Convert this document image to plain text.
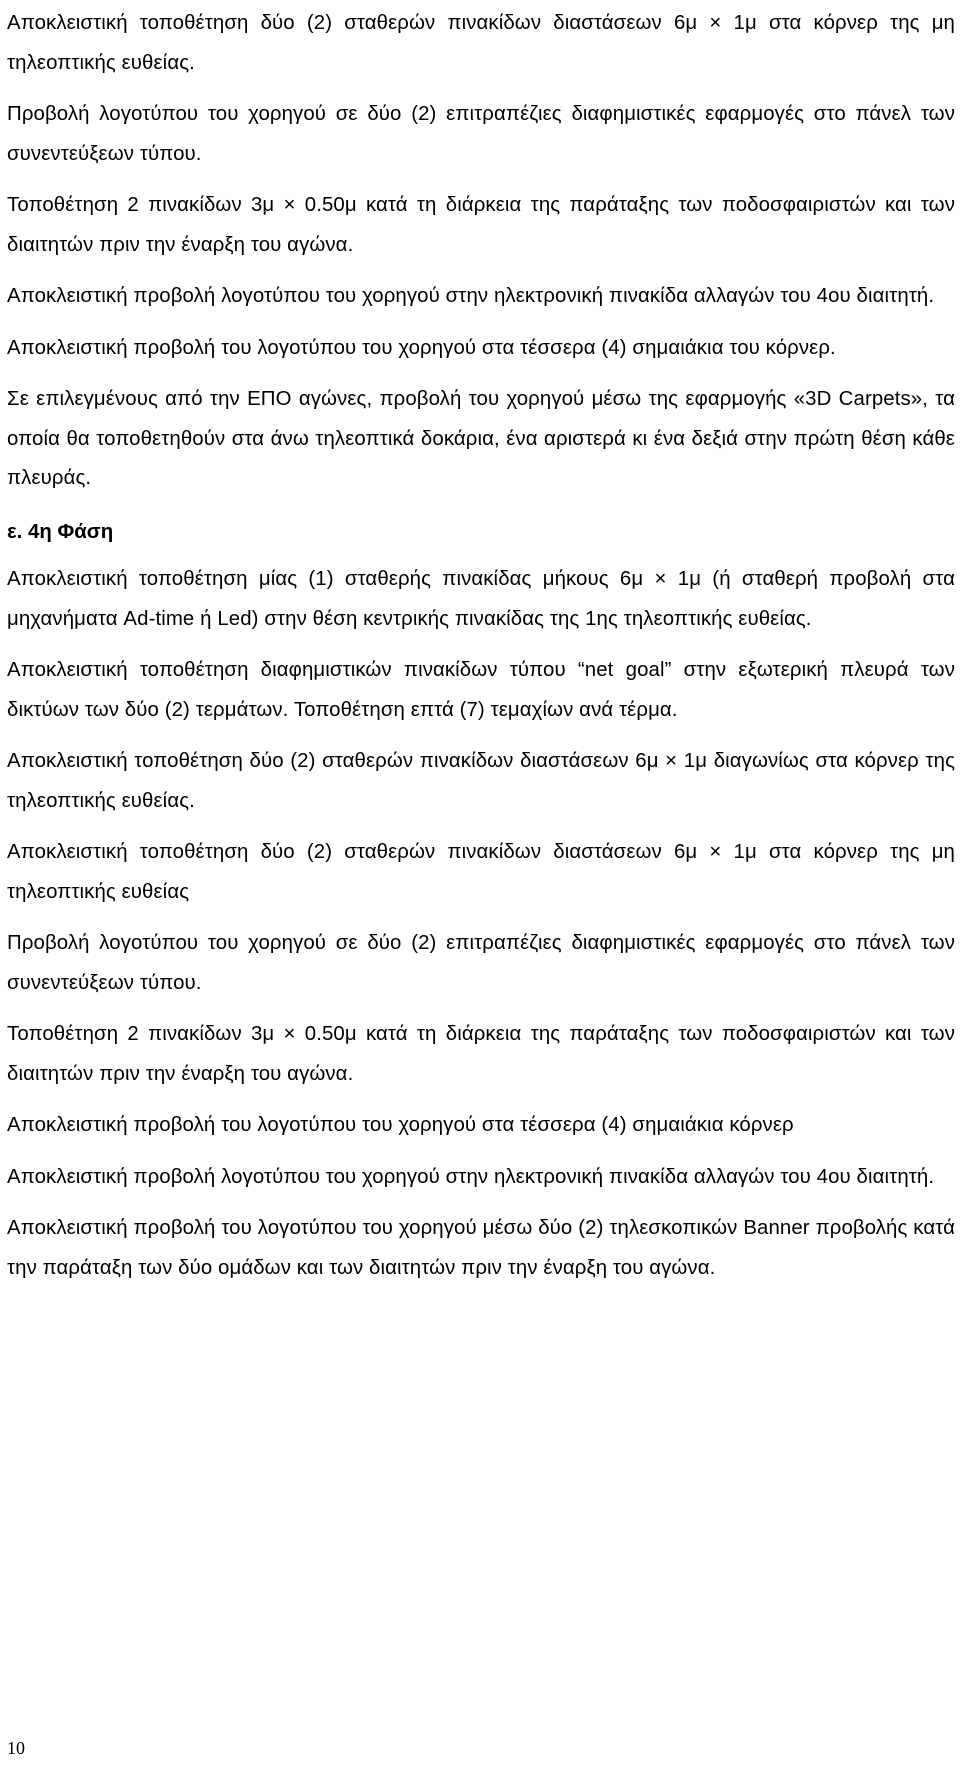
Αποκλειστική τοποθέτηση δύο (2) σταθερών πινακίδων διαστάσεων 6μ × 1μ στα κόρνερ της μη τηλεοπτικής ευθείας.

Προβολή λογοτύπου του χορηγού σε δύο (2) επιτραπέζιες διαφημιστικές εφαρμογές στο πάνελ των συνεντεύξεων τύπου.

Τοποθέτηση 2 πινακίδων 3μ × 0.50μ κατά τη διάρκεια της παράταξης των ποδοσφαιριστών και των διαιτητών πριν την έναρξη του αγώνα.

Αποκλειστική προβολή λογοτύπου του χορηγού στην ηλεκτρονική πινακίδα αλλαγών του 4ου διαιτητή.

Αποκλειστική προβολή του λογοτύπου του χορηγού στα τέσσερα (4) σημαιάκια του κόρνερ.

Σε επιλεγμένους από την ΕΠΟ αγώνες, προβολή του χορηγού μέσω της εφαρμογής «3D Carpets», τα οποία θα τοποθετηθούν στα άνω τηλεοπτικά δοκάρια, ένα αριστερά κι ένα δεξιά στην πρώτη θέση κάθε πλευράς.

ε. 4η Φάση

Αποκλειστική τοποθέτηση μίας (1) σταθερής πινακίδας μήκους 6μ × 1μ (ή σταθερή προβολή στα μηχανήματα Ad-time ή Led) στην θέση κεντρικής πινακίδας της 1ης τηλεοπτικής ευθείας.

Αποκλειστική τοποθέτηση διαφημιστικών πινακίδων τύπου “net goal” στην εξωτερική πλευρά των δικτύων των δύο (2) τερμάτων. Τοποθέτηση επτά (7) τεμαχίων ανά τέρμα.

Αποκλειστική τοποθέτηση δύο (2) σταθερών πινακίδων διαστάσεων 6μ × 1μ διαγωνίως στα κόρνερ της τηλεοπτικής ευθείας.

Αποκλειστική τοποθέτηση δύο (2) σταθερών πινακίδων διαστάσεων 6μ × 1μ στα κόρνερ της μη τηλεοπτικής ευθείας

Προβολή λογοτύπου του χορηγού σε δύο (2) επιτραπέζιες διαφημιστικές εφαρμογές στο πάνελ των συνεντεύξεων τύπου.

Τοποθέτηση 2 πινακίδων 3μ × 0.50μ κατά τη διάρκεια της παράταξης των ποδοσφαιριστών και των διαιτητών πριν την έναρξη του αγώνα.

Αποκλειστική προβολή του λογοτύπου του χορηγού στα τέσσερα (4) σημαιάκια κόρνερ

Αποκλειστική προβολή λογοτύπου του χορηγού στην ηλεκτρονική πινακίδα αλλαγών του 4ου διαιτητή.

Αποκλειστική προβολή του λογοτύπου του χορηγού μέσω δύο (2) τηλεσκοπικών Banner προβολής κατά την παράταξη των δύο ομάδων και των διαιτητών πριν την έναρξη του αγώνα.

10
